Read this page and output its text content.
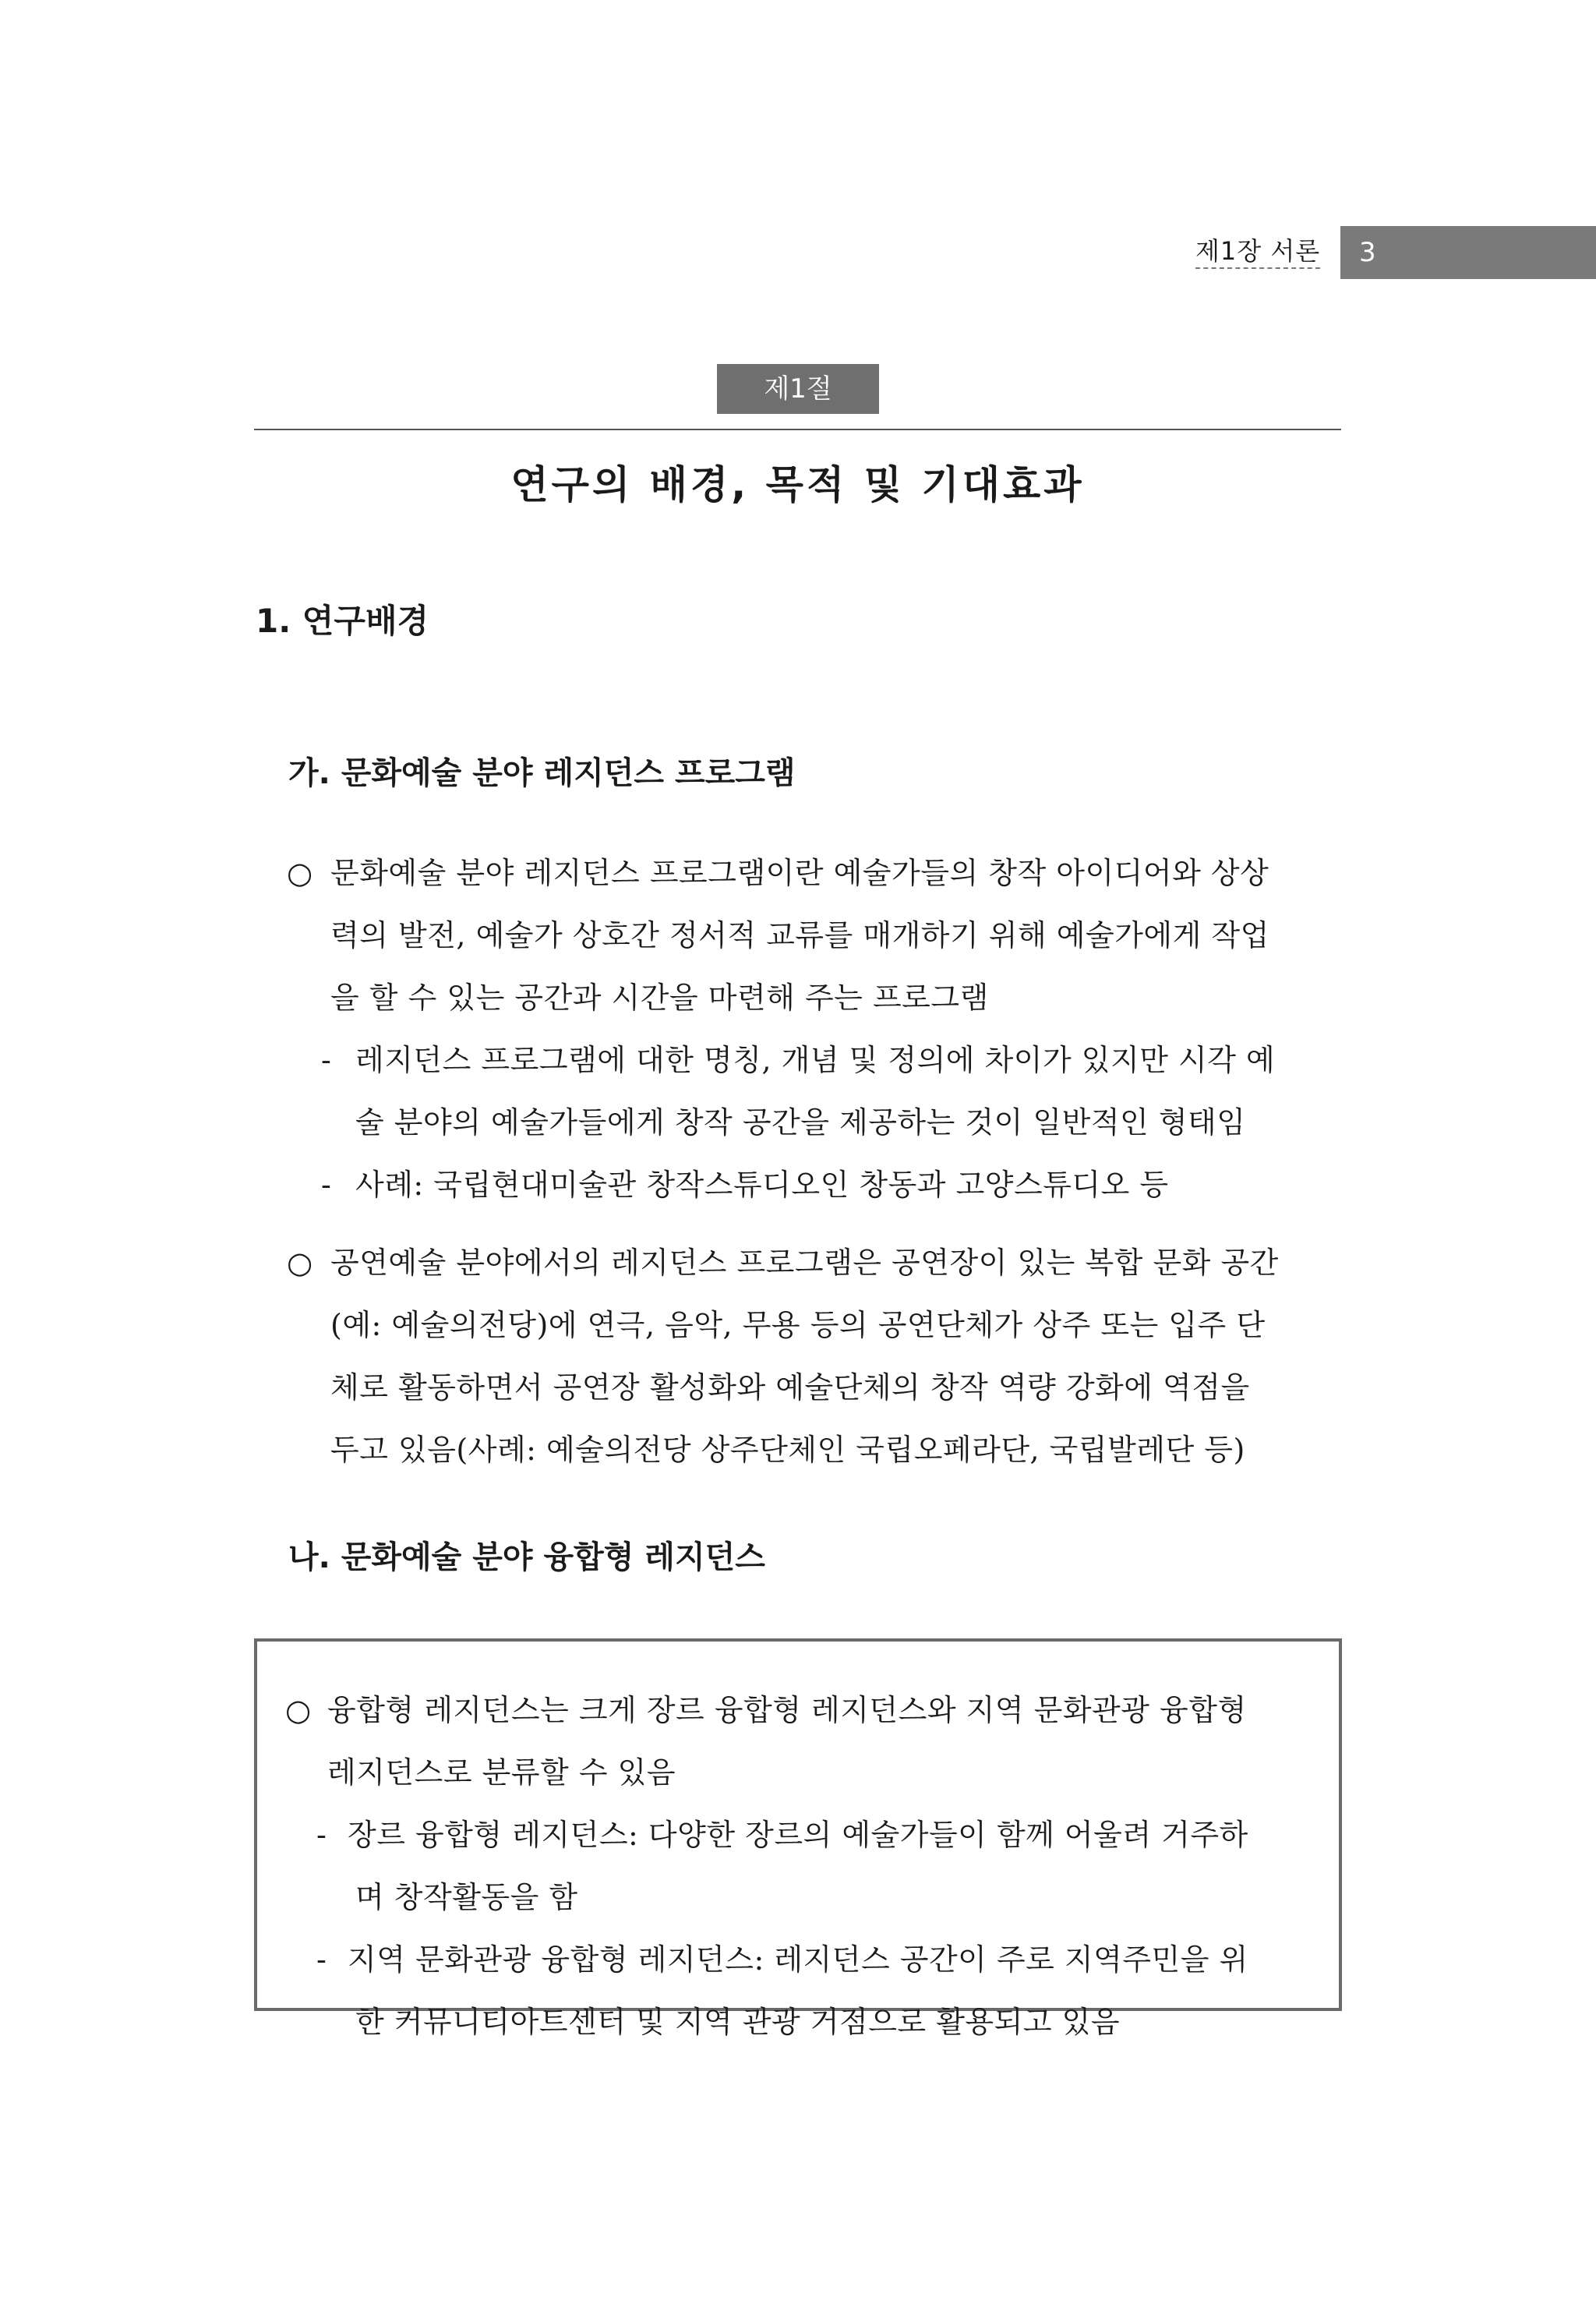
제1장 서론	3
제1절
연구의 배경, 목적 및 기대효과
1. 연구배경
가. 문화예술 분야 레지던스 프로그램
○ 문화예술 분야 레지던스 프로그램이란 예술가들의 창작 아이디어와 상상
력의 발전, 예술가 상호간 정서적 교류를 매개하기 위해 예술가에게 작업
을 할 수 있는 공간과 시간을 마련해 주는 프로그램
- 레지던스 프로그램에 대한 명칭, 개념 및 정의에 차이가 있지만 시각 예
술 분야의 예술가들에게 창작 공간을 제공하는 것이 일반적인 형태임
- 사례: 국립현대미술관 창작스튜디오인 창동과 고양스튜디오 등
○ 공연예술 분야에서의 레지던스 프로그램은 공연장이 있는 복합 문화 공간
(예: 예술의전당)에 연극, 음악, 무용 등의 공연단체가 상주 또는 입주 단
체로 활동하면서 공연장 활성화와 예술단체의 창작 역량 강화에 역점을
두고 있음(사례: 예술의전당 상주단체인 국립오페라단, 국립발레단 등)
나. 문화예술 분야 융합형 레지던스
○ 융합형 레지던스는 크게 장르 융합형 레지던스와 지역 문화관광 융합형
레지던스로 분류할 수 있음
- 장르 융합형 레지던스: 다양한 장르의 예술가들이 함께 어울려 거주하
며 창작활동을 함
- 지역 문화관광 융합형 레지던스: 레지던스 공간이 주로 지역주민을 위
한 커뮤니티아트센터 및 지역 관광 거점으로 활용되고 있음
